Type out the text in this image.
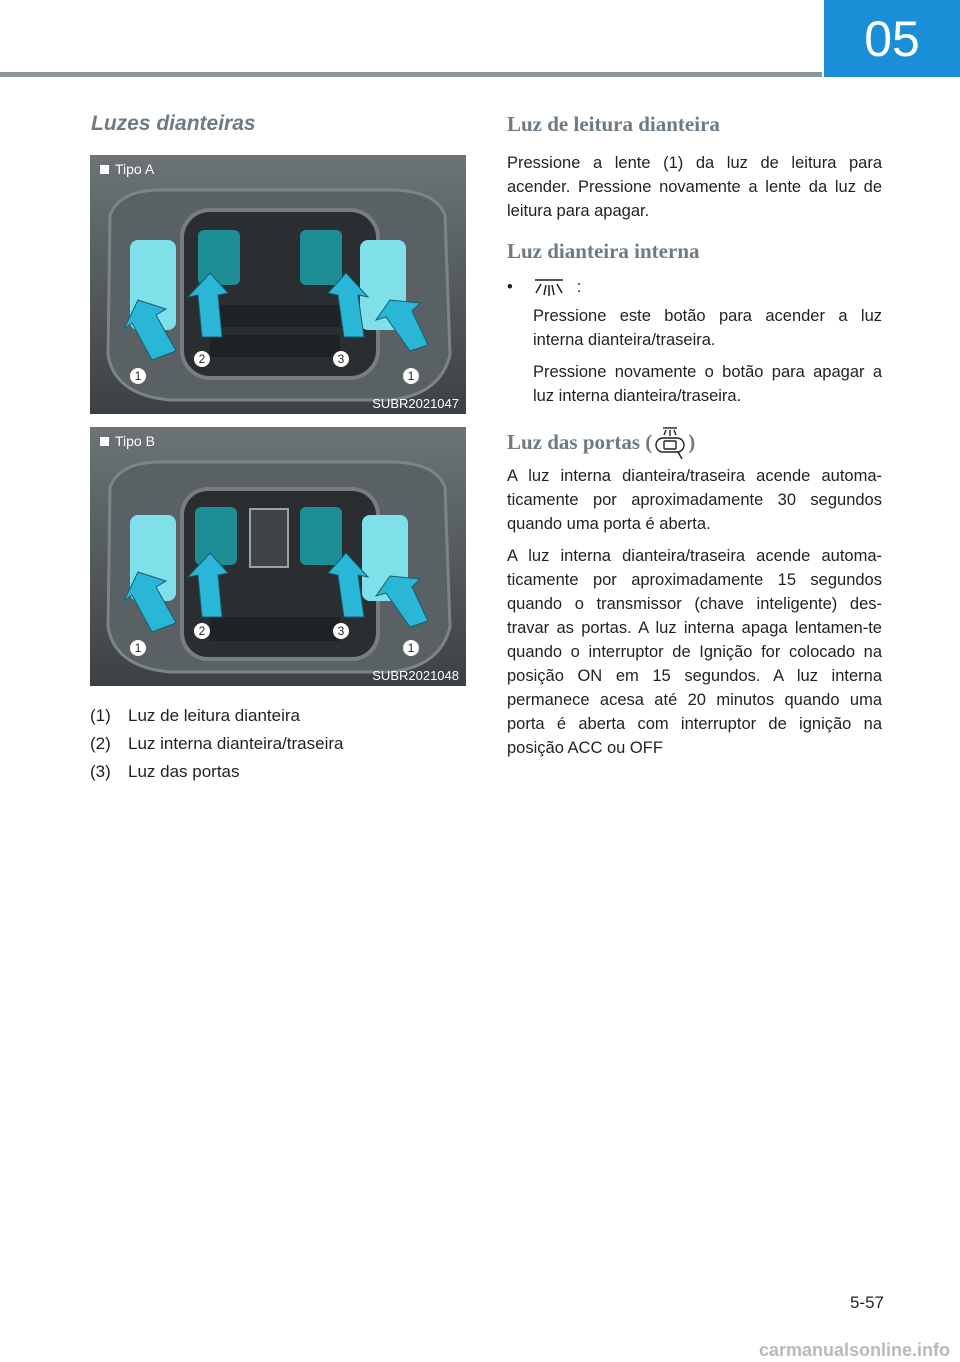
05
Luzes dianteiras
Tipo A
1
2	3
1
SUBR2021047
Tipo B
1
2	3
1
SUBR2021048
(1)	Luz de leitura dianteira
(2)	Luz interna dianteira/traseira
(3)	Luz das portas
Luz de leitura dianteira

Pressione a lente (1) da luz de leitura para acender. Pressione novamente a lente da luz de leitura para apagar.

Luz dianteira interna
•	:

Pressione este botão para acender a luz interna dianteira/traseira.

Pressione novamente o botão para apagar a luz interna dianteira/traseira.

Luz das portas ( )

A luz interna dianteira/traseira acende automa-ticamente por aproximadamente 30 segundos quando uma porta é aberta.

A luz interna dianteira/traseira acende automa-ticamente por aproximadamente 15 segundos quando o transmissor (chave inteligente) des-travar as portas. A luz interna apaga lentamen-te quando o interruptor de Ignição for colocado na posição ON em 15 segundos. A luz interna permanece acesa até 20 minutos quando uma porta é aberta com interruptor de ignição na posição ACC ou OFF

5-57
carmanualsonline.info
